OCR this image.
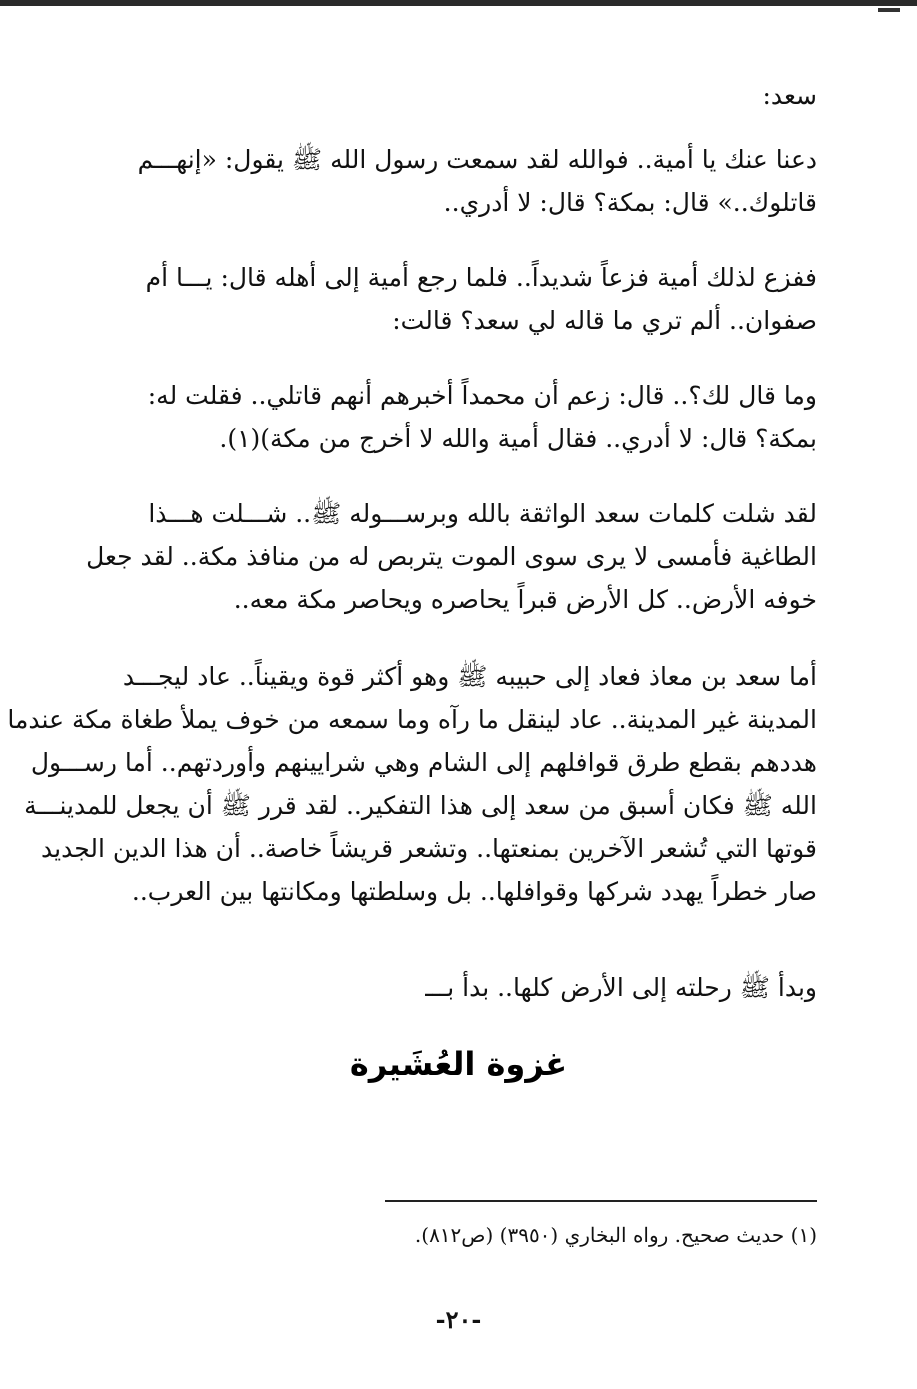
سعد:
دعنا عنك يا أمية.. فوالله لقد سمعت رسول الله ﷺ يقول: «إنهـــم
قاتلوك..» قال: بمكة؟ قال: لا أدري..
ففزع لذلك أمية فزعاً شديداً.. فلما رجع أمية إلى أهله قال: يـــا أم
صفوان.. ألم تري ما قاله لي سعد؟ قالت:
وما قال لك؟.. قال: زعم أن محمداً أخبرهم أنهم قاتلي.. فقلت له:
بمكة؟ قال: لا أدري.. فقال أمية والله لا أخرج من مكة)(١).
لقد شلت كلمات سعد الواثقة بالله وبرســـوله ﷺ.. شـــلت هـــذا
الطاغية فأمسى لا يرى سوى الموت يتربص له من منافذ مكة.. لقد جعل
خوفه الأرض.. كل الأرض قبراً يحاصره ويحاصر مكة معه..
أما سعد بن معاذ فعاد إلى حبيبه ﷺ وهو أكثر قوة ويقيناً.. عاد ليجـــد
المدينة غير المدينة.. عاد لينقل ما رآه وما سمعه من خوف يملأ طغاة مكة عندما
هددهم بقطع طرق قوافلهم إلى الشام وهي شرايينهم وأوردتهم.. أما رســـول
الله ﷺ فكان أسبق من سعد إلى هذا التفكير.. لقد قرر ﷺ أن يجعل للمدينـــة
قوتها التي تُشعر الآخرين بمنعتها.. وتشعر قريشاً خاصة.. أن هذا الدين الجديد
صار خطراً يهدد شركها وقوافلها.. بل وسلطتها ومكانتها بين العرب..
وبدأ ﷺ رحلته إلى الأرض كلها.. بدأ بـــ
غزوة العُشَيرة
(١) حديث صحيح. رواه البخاري (٣٩٥٠) (ص٨١٢).
-٢٠-
